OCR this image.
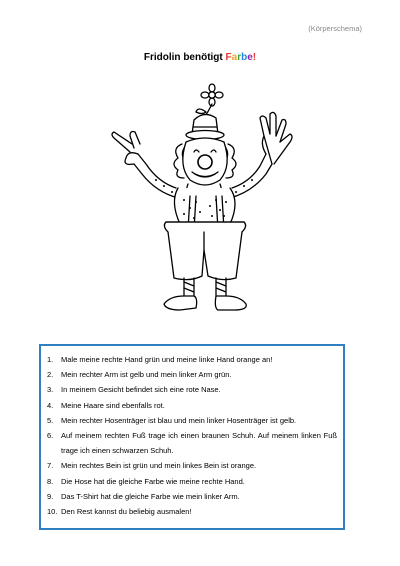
(Körperschema)
Fridolin benötigt Farbe!
1.	Male meine rechte Hand grün und meine linke Hand orange an!
2.	Mein rechter Arm ist gelb und mein linker Arm grün.
3.	In meinem Gesicht befindet sich eine rote Nase.
4.	Meine Haare sind ebenfalls rot.
5.	Mein rechter Hosenträger ist blau und mein linker Hosenträger ist gelb.
6.	Auf meinem rechten Fuß trage ich einen braunen Schuh. Auf meinem linken Fuß trage ich einen schwarzen Schuh.
7.	Mein rechtes Bein ist grün und mein linkes Bein ist orange.
8.	Die Hose hat die gleiche Farbe wie meine rechte Hand.
9.	Das T-Shirt hat die gleiche Farbe wie mein linker Arm.
10. Den Rest kannst du beliebig ausmalen!
